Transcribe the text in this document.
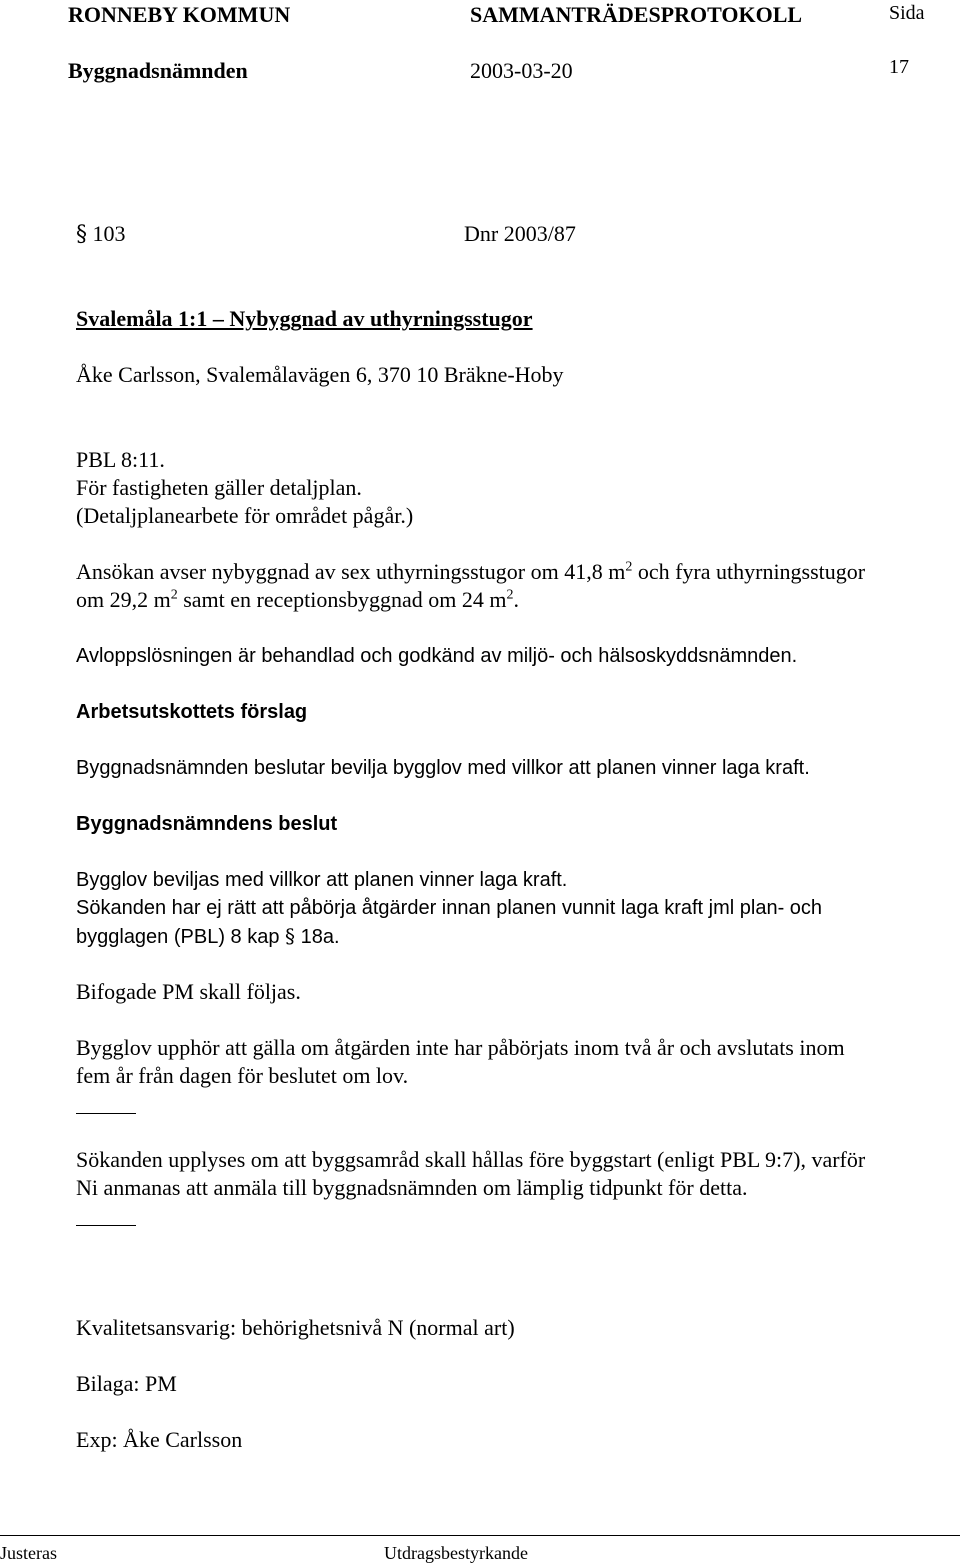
RONNEBY KOMMUN	SAMMANTRÄDESPROTOKOLL	Sida
Byggnadsnämnden	2003-03-20	17
§ 103	Dnr 2003/87
Svalemåla 1:1 – Nybyggnad av uthyrningsstugor
Åke Carlsson, Svalemålavägen 6, 370 10 Bräkne-Hoby
PBL 8:11.
För fastigheten gäller detaljplan.
(Detaljplanearbete för området pågår.)
Ansökan avser nybyggnad av sex uthyrningsstugor om 41,8 $m^2$ och fyra uthyrningsstugor
om 29,2 $m^2$ samt en receptionsbyggnad om 24 $m^2$.
Avloppslösningen är behandlad och godkänd av miljö- och hälsoskyddsnämnden.
Arbetsutskottets förslag
Byggnadsnämnden beslutar bevilja bygglov med villkor att planen vinner laga kraft.
Byggnadsnämndens beslut
Bygglov beviljas med villkor att planen vinner laga kraft.
Sökanden har ej rätt att påbörja åtgärder innan planen vunnit laga kraft jml plan- och
bygglagen (PBL) 8 kap § 18a.
Bifogade PM skall följas.
Bygglov upphör att gälla om åtgärden inte har påbörjats inom två år och avslutats inom
fem år från dagen för beslutet om lov.
Sökanden upplyses om att byggsamråd skall hållas före byggstart (enligt PBL 9:7), varför
Ni anmanas att anmäla till byggnadsnämnden om lämplig tidpunkt för detta.
Kvalitetsansvarig: behörighetsnivå N (normal art)
Bilaga: PM
Exp: Åke Carlsson
Justeras	Utdragsbestyrkande
